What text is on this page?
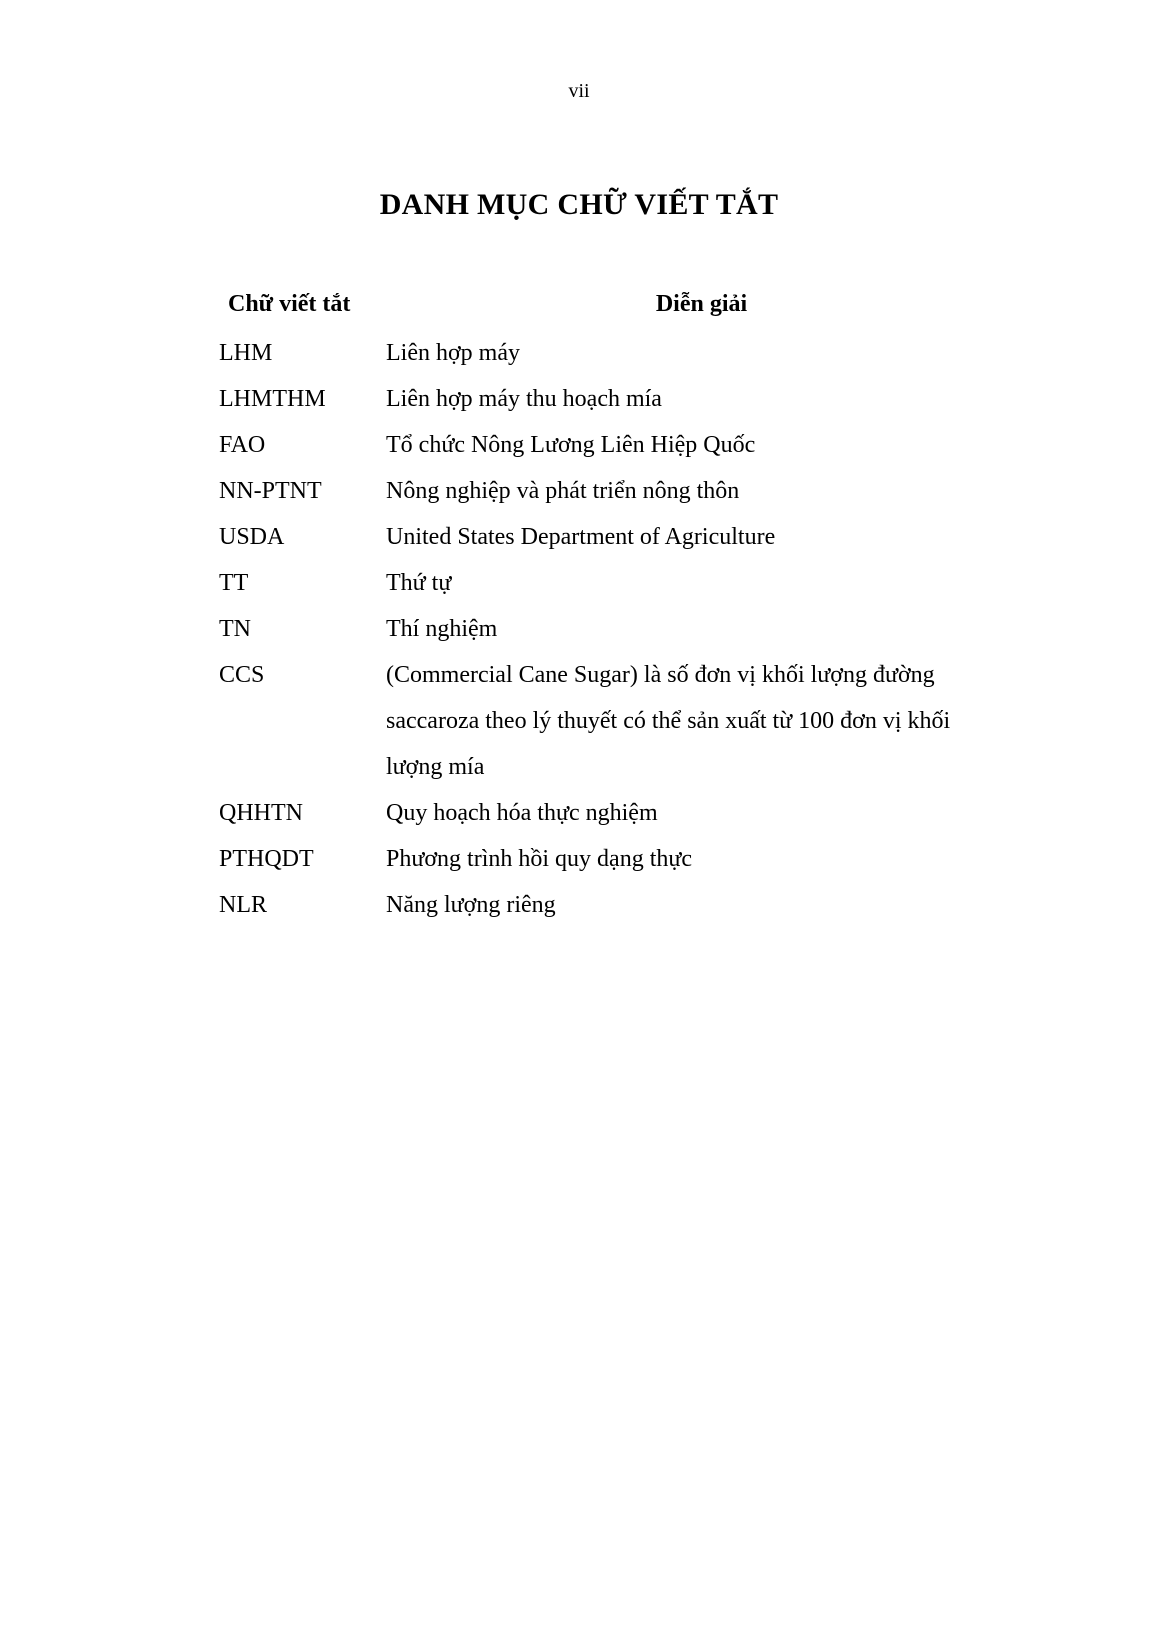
vii
DANH MỤC CHỮ VIẾT TẮT
Chữ viết tắt	Diễn giải
LHM	Liên hợp máy
LHMTHM	Liên hợp máy thu hoạch mía
FAO	Tổ chức Nông Lương Liên Hiệp Quốc
NN-PTNT	Nông nghiệp và phát triển nông thôn
USDA	United States Department of Agriculture
TT	Thứ tự
TN	Thí nghiệm
CCS	(Commercial Cane Sugar) là số đơn vị khối lượng đường saccaroza theo lý thuyết có thể sản xuất từ 100 đơn vị khối lượng mía
QHHTN	Quy hoạch hóa thực nghiệm
PTHQDT	Phương trình hồi quy dạng thực
NLR	Năng lượng riêng
